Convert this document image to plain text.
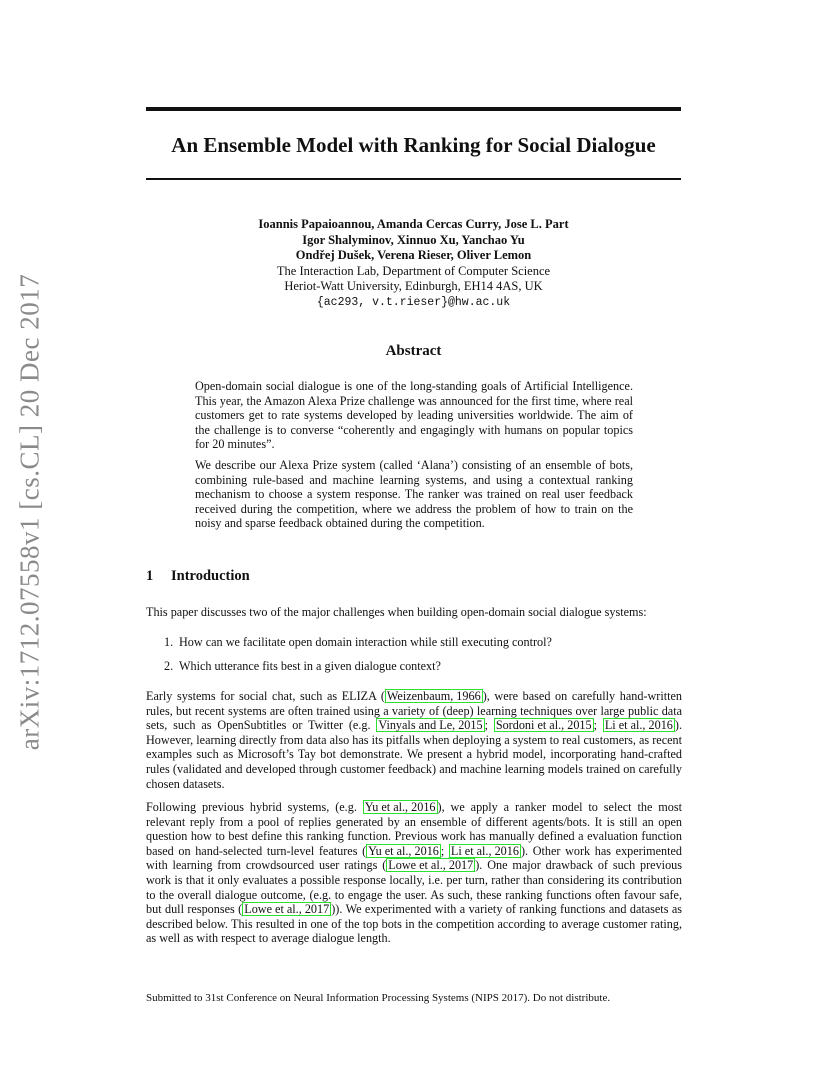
arXiv:1712.07558v1 [cs.CL] 20 Dec 2017
An Ensemble Model with Ranking for Social Dialogue
Ioannis Papaioannou, Amanda Cercas Curry, Jose L. Part
Igor Shalyminov, Xinnuo Xu, Yanchao Yu
Ondřej Dušek, Verena Rieser, Oliver Lemon
The Interaction Lab, Department of Computer Science
Heriot-Watt University, Edinburgh, EH14 4AS, UK
{ac293, v.t.rieser}@hw.ac.uk
Abstract

Open-domain social dialogue is one of the long-standing goals of Artificial Intelligence. This year, the Amazon Alexa Prize challenge was announced for the first time, where real customers get to rate systems developed by leading universities worldwide. The aim of the challenge is to converse “coherently and engagingly with humans on popular topics for 20 minutes”.

We describe our Alexa Prize system (called ‘Alana’) consisting of an ensemble of bots, combining rule-based and machine learning systems, and using a contextual ranking mechanism to choose a system response. The ranker was trained on real user feedback received during the competition, where we address the problem of how to train on the noisy and sparse feedback obtained during the competition.

1 Introduction

This paper discusses two of the major challenges when building open-domain social dialogue systems:

1. How can we facilitate open domain interaction while still executing control?
2. Which utterance fits best in a given dialogue context?

Early systems for social chat, such as ELIZA ( Weizenbaum, 1966 ), were based on carefully hand-written rules, but recent systems are often trained using a variety of (deep) learning techniques over large public data sets, such as OpenSubtitles or Twitter (e.g. Vinyals and Le, 2015 ; Sordoni et al., 2015 ; Li et al., 2016 ). However, learning directly from data also has its pitfalls when deploying a system to real customers, as recent examples such as Microsoft’s Tay bot demonstrate. We present a hybrid model, incorporating hand-crafted rules (validated and developed through customer feedback) and machine learning models trained on carefully chosen datasets.

Following previous hybrid systems, (e.g. Yu et al., 2016 ), we apply a ranker model to select the most relevant reply from a pool of replies generated by an ensemble of different agents/bots. It is still an open question how to best define this ranking function. Previous work has manually defined a evaluation function based on hand-selected turn-level features ( Yu et al., 2016 ; Li et al., 2016 ). Other work has experimented with learning from crowdsourced user ratings ( Lowe et al., 2017 ). One major drawback of such previous work is that it only evaluates a possible response locally, i.e. per turn, rather than considering its contribution to the overall dialogue outcome, (e.g. to engage the user. As such, these ranking functions often favour safe, but dull responses ( Lowe et al., 2017 )). We experimented with a variety of ranking functions and datasets as described below. This resulted in one of the top bots in the competition according to average customer rating, as well as with respect to average dialogue length.

Submitted to 31st Conference on Neural Information Processing Systems (NIPS 2017). Do not distribute.
